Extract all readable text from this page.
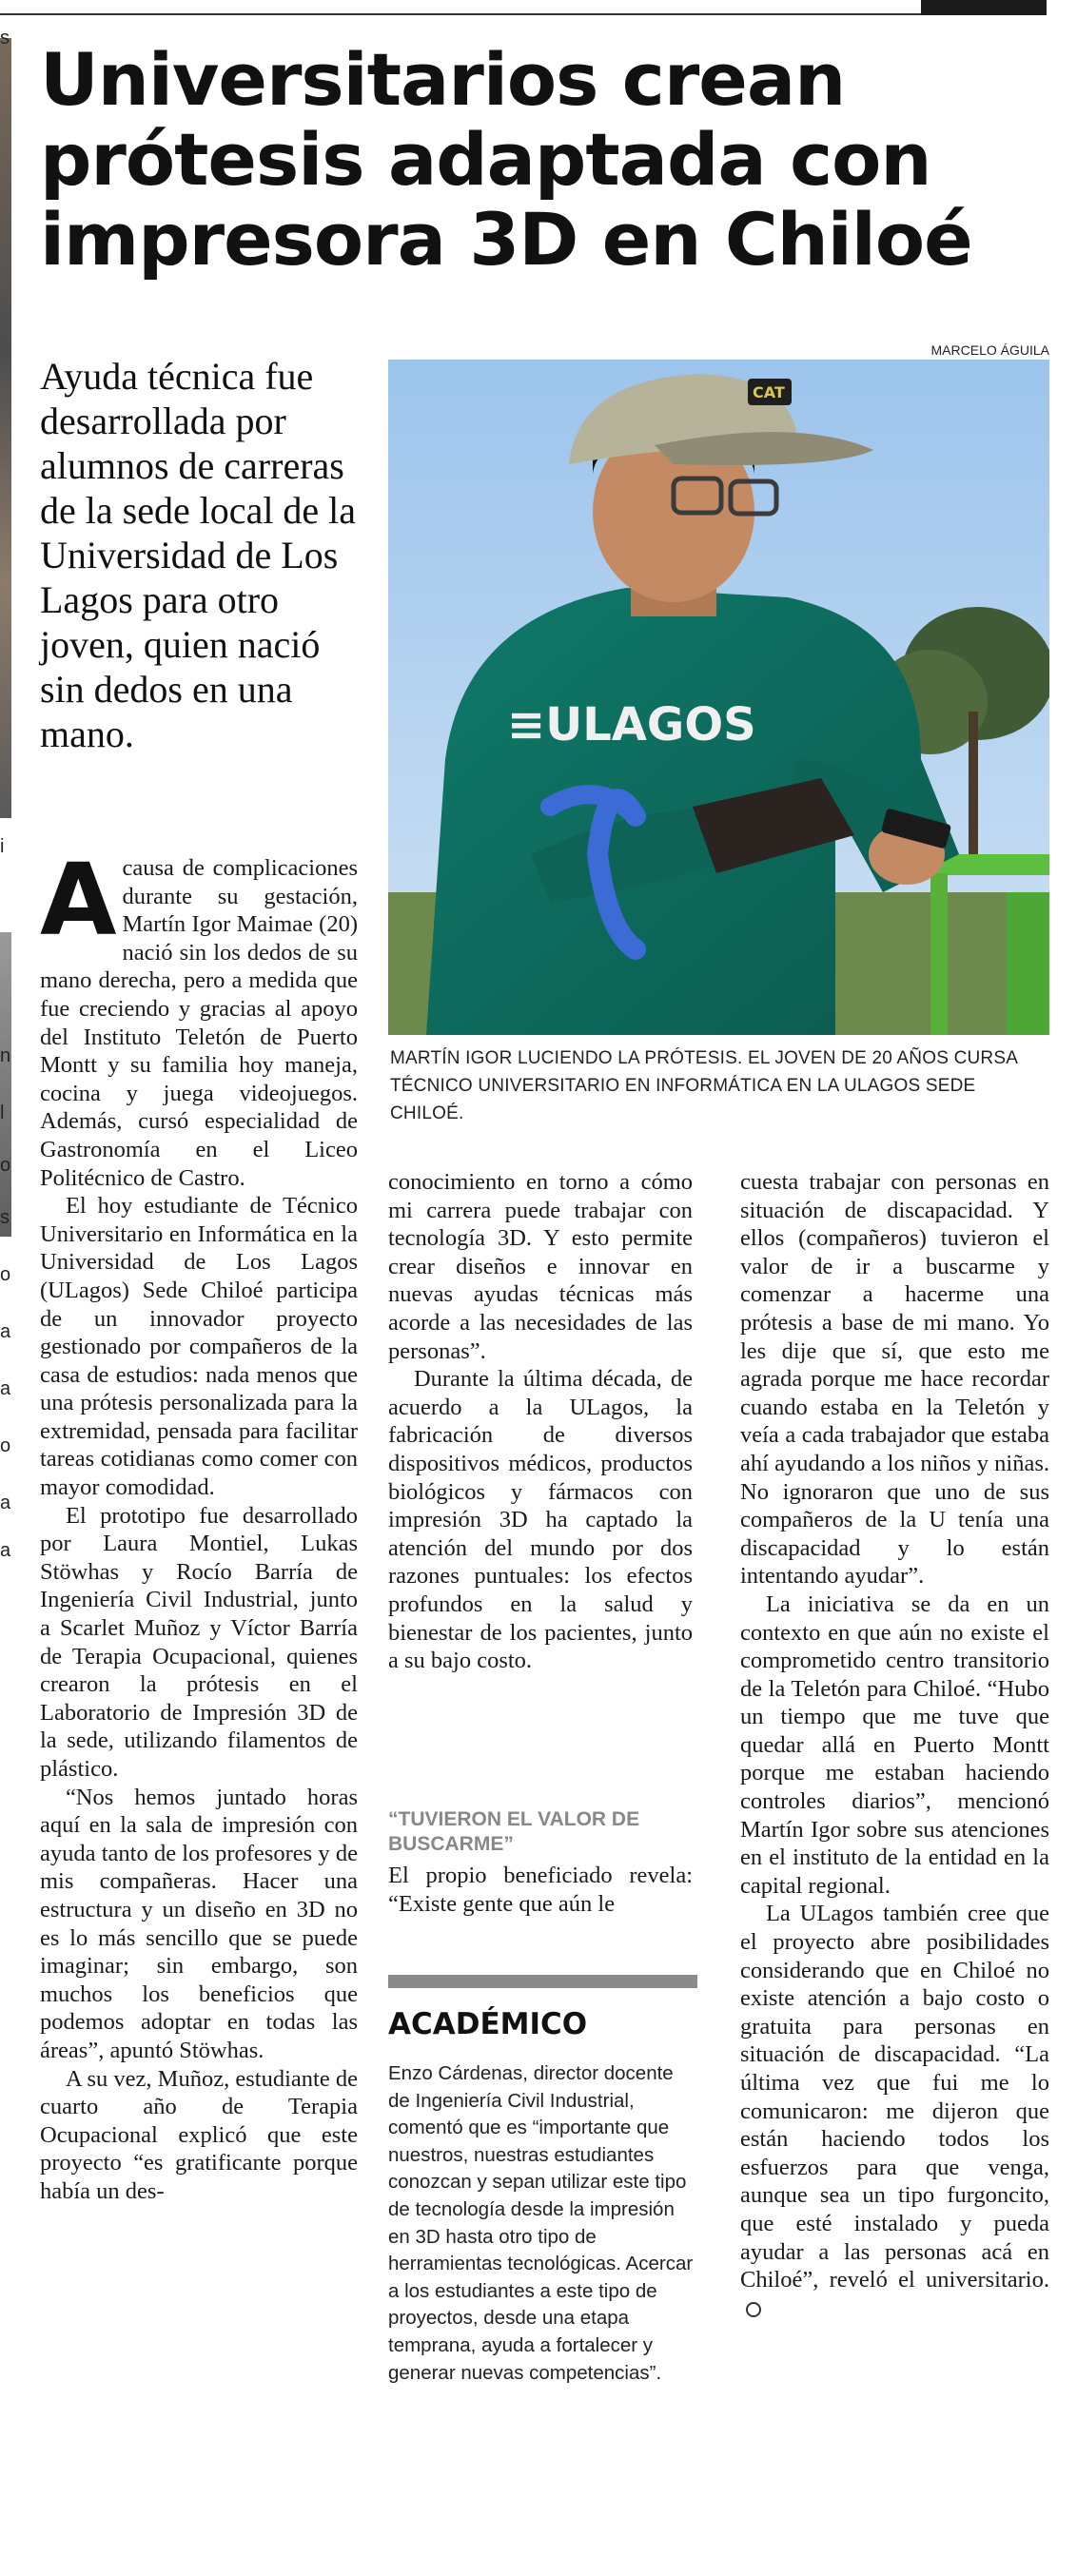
s
i
n
l
o
s
o
a
a
o
a
a
Universitarios crean prótesis adaptada con impresora 3D en Chiloé
MARCELO ÁGUILA

Ayuda técnica fue desarrollada por alumnos de carreras de la sede local de la Universidad de Los Lagos para otro joven, quien nació sin dedos en una mano.

CAT
≡ULAGOS
MARTÍN IGOR LUCIENDO LA PRÓTESIS. EL JOVEN DE 20 AÑOS CURSA TÉCNICO UNIVERSITARIO EN INFORMÁTICA EN LA ULAGOS SEDE CHILOÉ.
A causa de complicaciones durante su gestación, Martín Igor Maimae (20) nació sin los dedos de su mano derecha, pero a medida que fue creciendo y gracias al apoyo del Instituto Teletón de Puerto Montt y su familia hoy maneja, cocina y juega videojuegos. Además, cursó especialidad de Gastronomía en el Liceo Politécnico de Castro.

El hoy estudiante de Técnico Universitario en Informática en la Universidad de Los Lagos (ULagos) Sede Chiloé participa de un innovador proyecto gestionado por compañeros de la casa de estudios: nada menos que una prótesis personalizada para la extremidad, pensada para facilitar tareas cotidianas como comer con mayor comodidad.

El prototipo fue desarrollado por Laura Montiel, Lukas Stöwhas y Rocío Barría de Ingeniería Civil Industrial, junto a Scarlet Muñoz y Víctor Barría de Terapia Ocupacional, quienes crearon la prótesis en el Laboratorio de Impresión 3D de la sede, utilizando filamentos de plástico.

“Nos hemos juntado horas aquí en la sala de impresión con ayuda tanto de los profesores y de mis compañeras. Hacer una estructura y un diseño en 3D no es lo más sencillo que se puede imaginar; sin embargo, son muchos los beneficios que podemos adoptar en todas las áreas”, apuntó Stöwhas.

A su vez, Muñoz, estudiante de cuarto año de Terapia Ocupacional explicó que este proyecto “es gratificante porque había un des-

conocimiento en torno a cómo mi carrera puede trabajar con tecnología 3D. Y esto permite crear diseños e innovar en nuevas ayudas técnicas más acorde a las necesidades de las personas”.

Durante la última década, de acuerdo a la ULagos, la fabricación de diversos dispositivos médicos, productos biológicos y fármacos con impresión 3D ha captado la atención del mundo por dos razones puntuales: los efectos profundos en la salud y bienestar de los pacientes, junto a su bajo costo.

“TUVIERON EL VALOR DE BUSCARME”

El propio beneficiado revela: “Existe gente que aún le

ACADÉMICO

Enzo Cárdenas, director docente de Ingeniería Civil Industrial, comentó que es “importante que nuestros, nuestras estudiantes conozcan y sepan utilizar este tipo de tecnología desde la impresión en 3D hasta otro tipo de herramientas tecnológicas. Acercar a los estudiantes a este tipo de proyectos, desde una etapa temprana, ayuda a fortalecer y generar nuevas competencias”.

cuesta trabajar con personas en situación de discapacidad. Y ellos (compañeros) tuvieron el valor de ir a buscarme y comenzar a hacerme una prótesis a base de mi mano. Yo les dije que sí, que esto me agrada porque me hace recordar cuando estaba en la Teletón y veía a cada trabajador que estaba ahí ayudando a los niños y niñas. No ignoraron que uno de sus compañeros de la U tenía una discapacidad y lo están intentando ayudar”.

La iniciativa se da en un contexto en que aún no existe el comprometido centro transitorio de la Teletón para Chiloé. “Hubo un tiempo que me tuve que quedar allá en Puerto Montt porque me estaban haciendo controles diarios”, mencionó Martín Igor sobre sus atenciones en el instituto de la entidad en la capital regional.

La ULagos también cree que el proyecto abre posibilidades considerando que en Chiloé no existe atención a bajo costo o gratuita para personas en situación de discapacidad. “La última vez que fui me lo comunicaron: me dijeron que están haciendo todos los esfuerzos para que venga, aunque sea un tipo furgoncito, que esté instalado y pueda ayudar a las personas acá en Chiloé”, reveló el universitario.
